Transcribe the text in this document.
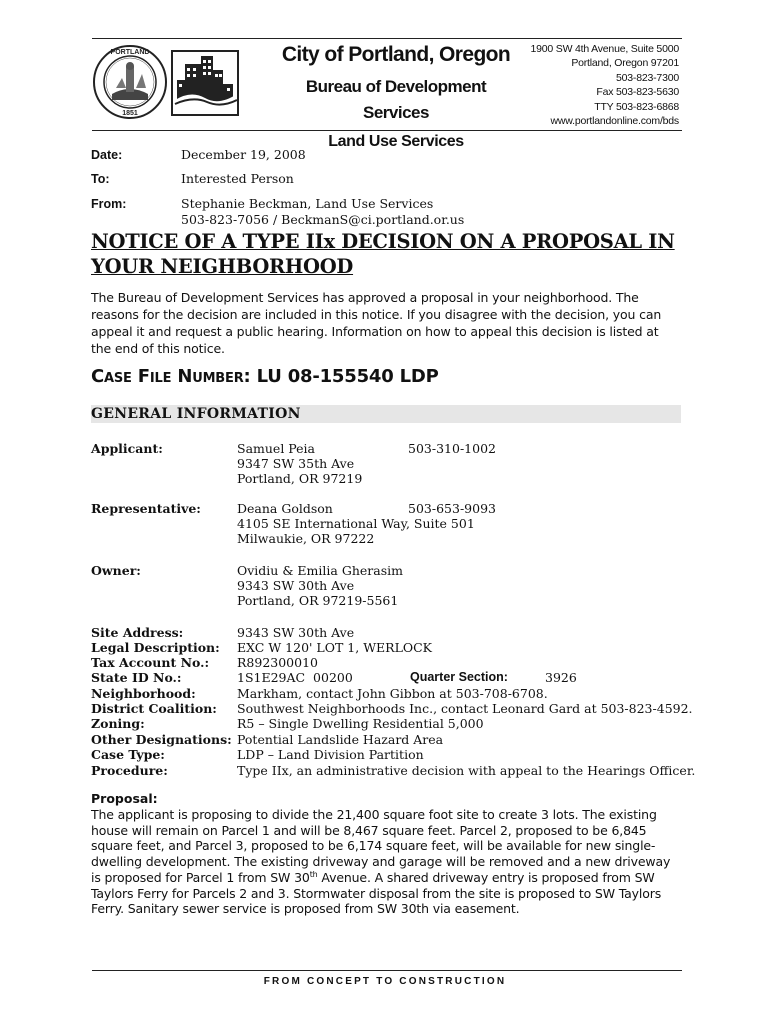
PORTLAND
1851
City of Portland, Oregon
Bureau of Development Services
Land Use Services
1900 SW 4th Avenue, Suite 5000
Portland, Oregon 97201
503-823-7300
Fax 503-823-5630
TTY 503-823-6868
www.portlandonline.com/bds
Date:	December 19, 2008
To:	Interested Person
From:	Stephanie Beckman, Land Use Services
503-823-7056 / BeckmanS@ci.portland.or.us
NOTICE OF A TYPE IIx DECISION ON A PROPOSAL IN
YOUR NEIGHBORHOOD
The Bureau of Development Services has approved a proposal in your neighborhood. The reasons for the decision are included in this notice. If you disagree with the decision, you can appeal it and request a public hearing. Information on how to appeal this decision is listed at the end of this notice.
Case File Number: LU 08-155540 LDP
GENERAL INFORMATION
Applicant:	Samuel Peia	503-310-1002
9347 SW 35th Ave
Portland, OR 97219
Representative:	Deana Goldson	503-653-9093
4105 SE International Way, Suite 501
Milwaukie, OR 97222
Owner:	Ovidiu & Emilia Gherasim
9343 SW 30th Ave
Portland, OR 97219-5561
Site Address:	9343 SW 30th Ave
Legal Description: EXC W 120' LOT 1, WERLOCK
Tax Account No.: R892300010
State ID No.:	1S1E29AC  00200	Quarter Section:	3926
Neighborhood:	Markham, contact John Gibbon at 503-708-6708.
District Coalition: Southwest Neighborhoods Inc., contact Leonard Gard at 503-823-4592.
Zoning:	R5 – Single Dwelling Residential 5,000
Other Designations: Potential Landslide Hazard Area
Case Type:	LDP – Land Division Partition
Procedure:	Type IIx, an administrative decision with appeal to the Hearings Officer.
Proposal:
The applicant is proposing to divide the 21,400 square foot site to create 3 lots. The existing house will remain on Parcel 1 and will be 8,467 square feet. Parcel 2, proposed to be 6,845 square feet, and Parcel 3, proposed to be 6,174 square feet, will be available for new single-dwelling development. The existing driveway and garage will be removed and a new driveway is proposed for Parcel 1 from SW 30th Avenue. A shared driveway entry is proposed from SW Taylors Ferry for Parcels 2 and 3. Stormwater disposal from the site is proposed to SW Taylors Ferry. Sanitary sewer service is proposed from SW 30th via easement.
FROM CONCEPT TO CONSTRUCTION
